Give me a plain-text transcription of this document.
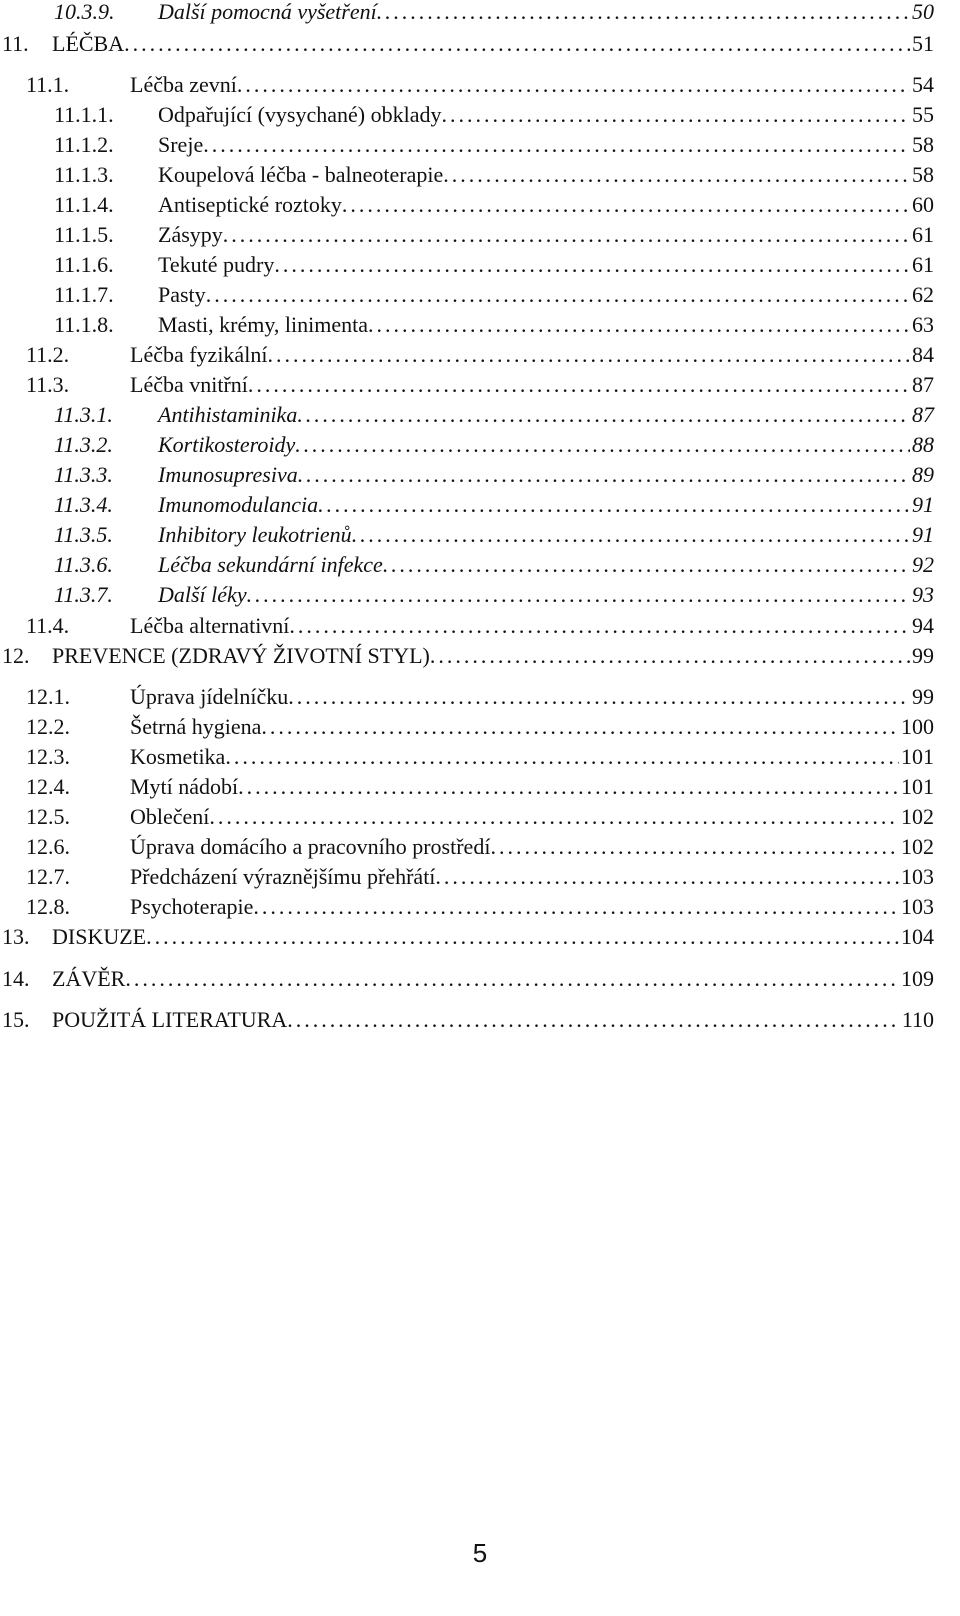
10.3.9.	Další pomocná vyšetření . . .	50
11.	LÉČBA . . .	51
11.1.	Léčba zevní . . .	54
11.1.1.	Odpařující (vysychané) obklady . . .	55
11.1.2.	Sreje . . .	58
11.1.3.	Koupelová léčba - balneoterapie . . .	58
11.1.4.	Antiseptické roztoky . . .	60
11.1.5.	Zásypy . . .	61
11.1.6.	Tekuté pudry . . .	61
11.1.7.	Pasty . . .	62
11.1.8.	Masti, krémy, linimenta . . .	63
11.2.	Léčba fyzikální . . .	84
11.3.	Léčba vnitřní . . .	87
11.3.1.	Antihistaminika . . .	87
11.3.2.	Kortikosteroidy . . .	88
11.3.3.	Imunosupresiva . . .	89
11.3.4.	Imunomodulancia . . .	91
11.3.5.	Inhibitory leukotrienů . . .	91
11.3.6.	Léčba sekundární infekce . . .	92
11.3.7.	Další léky . . .	93
11.4.	Léčba alternativní . . .	94
12.	PREVENCE (ZDRAVÝ ŽIVOTNÍ STYL) . . .	99
12.1.	Úprava jídelníčku . . .	99
12.2.	Šetrná hygiena . . .	100
12.3.	Kosmetika . . .	101
12.4.	Mytí nádobí . . .	101
12.5.	Oblečení . . .	102
12.6.	Úprava domácího a pracovního prostředí . . .	102
12.7.	Předcházení výraznějšímu přehřátí . . .	103
12.8.	Psychoterapie . . .	103
13.	DISKUZE . . .	104
14.	ZÁVĚR . . .	109
15.	POUŽITÁ LITERATURA . . .	110
5
